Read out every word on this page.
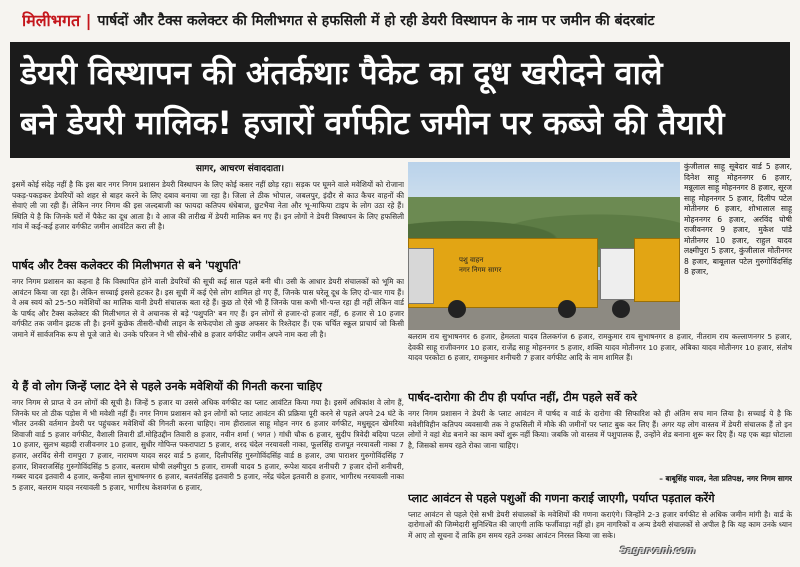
मिलीभगत | पार्षदों और टैक्स कलेक्टर की मिलीभगत से हफसिली में हो रही डेयरी विस्थापन के नाम पर जमीन की बंदरबांट
डेयरी विस्थापन की अंतर्कथाः पैकेट का दूध खरीदने वाले
बने डेयरी मालिक! हजारों वर्गफीट जमीन पर कब्जे की तैयारी
सागर, आचरण संवाददाता।

इसमें कोई संदेह नहीं है कि इस बार नगर निगम प्रशासन डेयरी विस्थापन के लिए कोई कसर नहीं छोड़ रहा। सड़क पर घूमने वाले मवेशियों को रोजाना पकड़-पकड़कर डेयरियों को शहर से बाहर करने के लिए दबाव बनाया जा रहा है। जिला ले ठीक भोपाल, जबलपुर, इंदौर से काउ कैचर वाहनों की सेवाएं ली जा रही हैं। लेकिन नगर निगम की इस जल्दबाजी का फायदा कतिपय धंधेबाज, छुटभैया नेता और भू-माफिया टाइप के लोग उठा रहे हैं। स्थिति ये है कि जिनके घरों में पैकेट का दूध आता है। वे आज की तारीख में डेयरी मालिक बन गए हैं। इन लोगों ने डेयरी विस्थापन के लिए हफसिली गांव में कई-कई हजार वर्गफीट जमीन आवंटित करा ली है।

पार्षद और टैक्स कलेक्टर की मिलीभगत से बने 'पशुपति'

नगर निगम प्रशासन का कहना है कि विस्थापित होने वाली डेयरियों की सूची कई साल पहले बनी थी। उसी के आधार डेयरी संचालकों को भूमि का आवंटन किया जा रहा है। लेकिन सच्चाई इससे हटकर है। इस सूची में कई ऐसे लोग शामिल हो गए हैं, जिनके पास घरेलू दूध के लिए दो-चार गाय हैं। वे अब स्वयं को 25-50 मवेशियों का मालिक यानी डेयरी संचालक बता रहे हैं। कुछ तो ऐसे भी हैं जिनके पास कभी भी-पन्त रहा ही नहीं लेकिन वार्ड के पार्षद और टैक्स कलेक्टर की मिलीभगत से वे अचानक से बड़े 'पशुपति' बन गए हैं। इन लोगों से हजार-दो हजार नहीं, 6 हजार से 10 हजार वर्गफीट तक जमीन झटक ली है। इनमें कुछेक तीसरी-चौथी लाइन के सफेदपोश तो कुछ अफसर के रिश्तेदार हैं। एक चर्चित स्कूल प्राचार्य जो किसी जमाने में सार्वजनिक रूप से पूजे जाते थे। उनके परिजन ने भी सीधे-सीधे 8 हजार वर्गफीट जमीन अपने नाम करा ली है।

ये हैं वो लोग जिन्हें प्लाट देने से पहले उनके मवेशियों की गिनती करना चाहिए

नगर निगम से प्राप्त ये उन लोगों की सूची है। जिन्हें 5 हजार या उससे अधिक वर्गफीट का प्लाट आवंटित किया गया है। इसमें अधिकांश वे लोग हैं, जिनके घर तो ठीक पड़ोस में भी मवेशी नहीं हैं। नगर निगम प्रशासन को इन लोगों को प्लाट आवंटन की प्रक्रिया पूरी करने से पहले अपने 24 घंटे के भीतर उनकी वर्तमान डेयरी पर पहुंचकर मवेशियों की गिनती करना चाहिए। नाम हीरालाल साहू मोहन नगर 6 हजार वर्गफीट, मधुसूदन खेमरिया शिवाजी वार्ड 5 हजार वर्गफीट, वैशाली तिवारी डॉ.मोहिउद्दीन तिवारी 8 हजार, नवीन शर्मा ( भगत ) गांधी चौक 6 हजार, सुदीप त्रिवेदी बदिया पटल 10 हजार, सुलभ बहादी राजीवनगर 10 हजार, सुधीर गोपिन्त पकरापाटा 5 हजार, शरद चंदेल नरयावली नाका, फूलसिंह राजपूत नरयावली नाका 7 हजार, अरविंद सेनी रामपुरा 7 हजार, नारायण यादव सदर वार्ड 5 हजार, दिलीपसिंह गुरुगोविंदसिंह वार्ड 8 हजार, उषा पाराशर गुरुगोविंदसिंह 7 हजार, शिवराजसिंह गुरुगोविंदसिंह 5 हजार, बलराम घोषी लक्ष्मीपुरा 5 हजार, रामजी यादव 5 हजार, रूपेश यादव शनीचरी 7 हजार दोनों शनीचरी, गब्बर यादव इतवारी 4 हजार, कन्हैया लाल सुभाषनगर 6 हजार, बलवंतसिंह इतवारी 5 हजार, नरेंद्र चंदेल इतवारी 8 हजार, भागीरथ नरयावली नाका 5 हजार, बलराम यादव नरयावली 5 हजार, भागीरथ केशवगंज 6 हजार,

पशु वाहन
नगर निगम सागर
कुंजीलाल साहू सूबेदार वार्ड 5 हजार, दिनेश साहू मोहननगर 6 हजार, मन्नूलाल साहू मोहननगर 8 हजार, सूरज साहू मोहननगर 5 हजार, दिलीप पटेल मोतीनगर 6 हजार, शोभालाल साहू मोहननगर 6 हजार, अरविंद घोषी राजीवनगर 9 हजार, मुकेश पांडे मोतीनगर 10 हजार, राहुल यादव लक्ष्मीपुरा 5 हजार, कुंजीलाल मोतीनगर 8 हजार, बाबूलाल पटेल गुरुगोविंदसिंह 8 हजार,

बलराम राय सुभाषनगर 6 हजार, हेमलता यादव तिलकगंज 6 हजार, रामकुमार राय सुभाषनगर 8 हजार, नीतराम राय कल्लाणनगर 5 हजार, देवकी साहू राजीवनगर 10 हजार, राजेंद्र साहू मोहननगर 5 हजार, शक्ति यादव मोतीनगर 10 हजार, अंबिका यादव मोतीनगर 10 हजार, संतोष यादव परकोटा 6 हजार, रामकुमार शनीचरी 7 हजार वर्गफीट आदि के नाम शामिल हैं।

पार्षद-दारोगा की टीप ही पर्याप्त नहीं, टीम पहले सर्वे करे

नगर निगम प्रशासन ने डेयरी के प्लाट आवंटन में पार्षद व वार्ड के दारोगा की सिफारिश को ही अंतिम सच मान लिया है। सच्चाई ये है कि मवेशीविहीन कतिपय व्यवसायी तक ने हफसिली में मौके की जमीनों पर प्लाट बुक कर लिए हैं। अगर यह लोग वास्तव में डेयरी संचालक हैं तो इन लोगों ने वहां शेड बनाने का काम क्यों शुरू नहीं किया। जबकि जो वास्तव में पशुपालक हैं, उन्होंने शेड बनाना शुरू कर दिए हैं। यह एक बड़ा घोटाला है, जिसको समय रहते रोका जाना चाहिए।

– बाबूसिंह यादव, नेता प्रतिपक्ष, नगर निगम सागर
प्लाट आवंटन से पहले पशुओं की गणना कराई जाएगी, पर्याप्त पड़ताल करेंगे

प्लाट आवंटन से पहले ऐसे सभी डेयरी संचालकों के मवेशियों की गणना कराएंगे। जिन्होंने 2-3 हजार वर्गफीट से अधिक जमीन मांगी है। वार्ड के दारोगाओं की जिम्मेदारी सुनिश्चित की जाएगी ताकि फर्जीवाड़ा नहीं हो। हम नागरिकों व अन्य डेयरी संचालकों से अपील है कि यह काम उनके ध्यान में आए तो सूचना दें ताकि हम समय रहते उनका आवंटन निरस्त किया जा सके।

Sagarvani.com
